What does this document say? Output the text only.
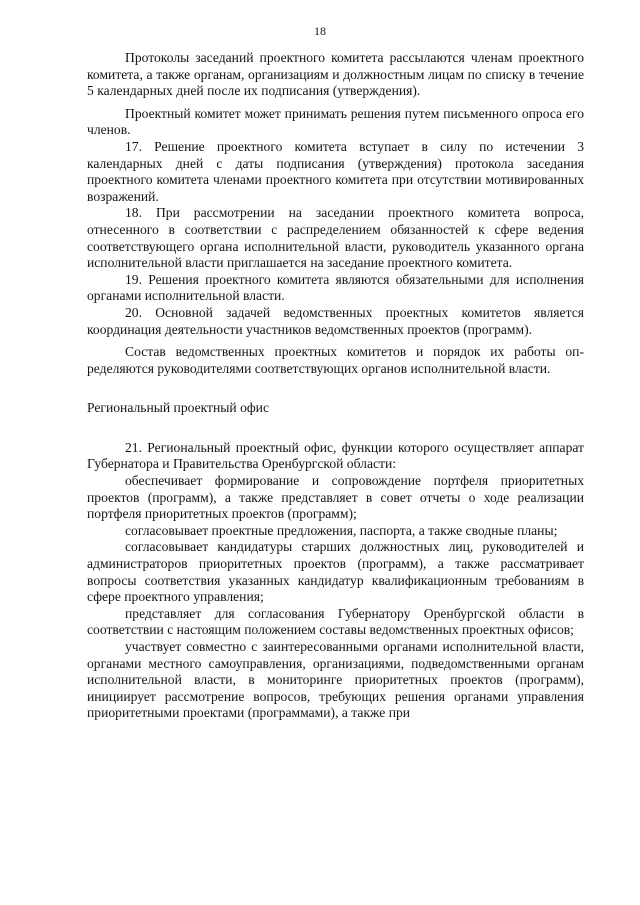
18

Протоколы заседаний проектного комитета рассылаются членам проектного комитета, а также органам, организациям и должностным лицам по списку в течение 5 календарных дней после их подписания (утверждения).

Проектный комитет может принимать решения путем письменного опроса его членов.

17. Решение проектного комитета вступает в силу по истечении 3 календарных дней с даты подписания (утверждения) протокола заседания проектного комитета членами проектного комитета при отсутствии мотивированных возражений.

18. При рассмотрении на заседании проектного комитета вопроса, отнесенного в соответствии с распределением обязанностей к сфере ведения соответствующего органа исполнительной власти, руководитель указанного органа исполнительной власти приглашается на заседание проектного комитета.

19. Решения проектного комитета являются обязательными для исполнения органами исполнительной власти.

20. Основной задачей ведомственных проектных комитетов является координация деятельности участников ведомственных проектов (программ).

Состав ведомственных проектных комитетов и порядок их работы определяются руководителями соответствующих органов исполнительной власти.

Региональный проектный офис

21. Региональный проектный офис, функции которого осуществляет аппарат Губернатора и Правительства Оренбургской области:

обеспечивает формирование и сопровождение портфеля приоритетных проектов (программ), а также представляет в совет отчеты о ходе реализации портфеля приоритетных проектов (программ);

согласовывает проектные предложения, паспорта, а также сводные планы;

согласовывает кандидатуры старших должностных лиц, руководителей и администраторов приоритетных проектов (программ), а также рассматривает вопросы соответствия указанных кандидатур квалификационным требованиям в сфере проектного управления;

представляет для согласования Губернатору Оренбургской области в соответствии с настоящим положением составы ведомственных проектных офисов;

участвует совместно с заинтересованными органами исполнительной власти, органами местного самоуправления, организациями, подведомственными органам исполнительной власти, в мониторинге приоритетных проектов (программ), инициирует рассмотрение вопросов, требующих решения органами управления приоритетными проектами (программами), а также при
